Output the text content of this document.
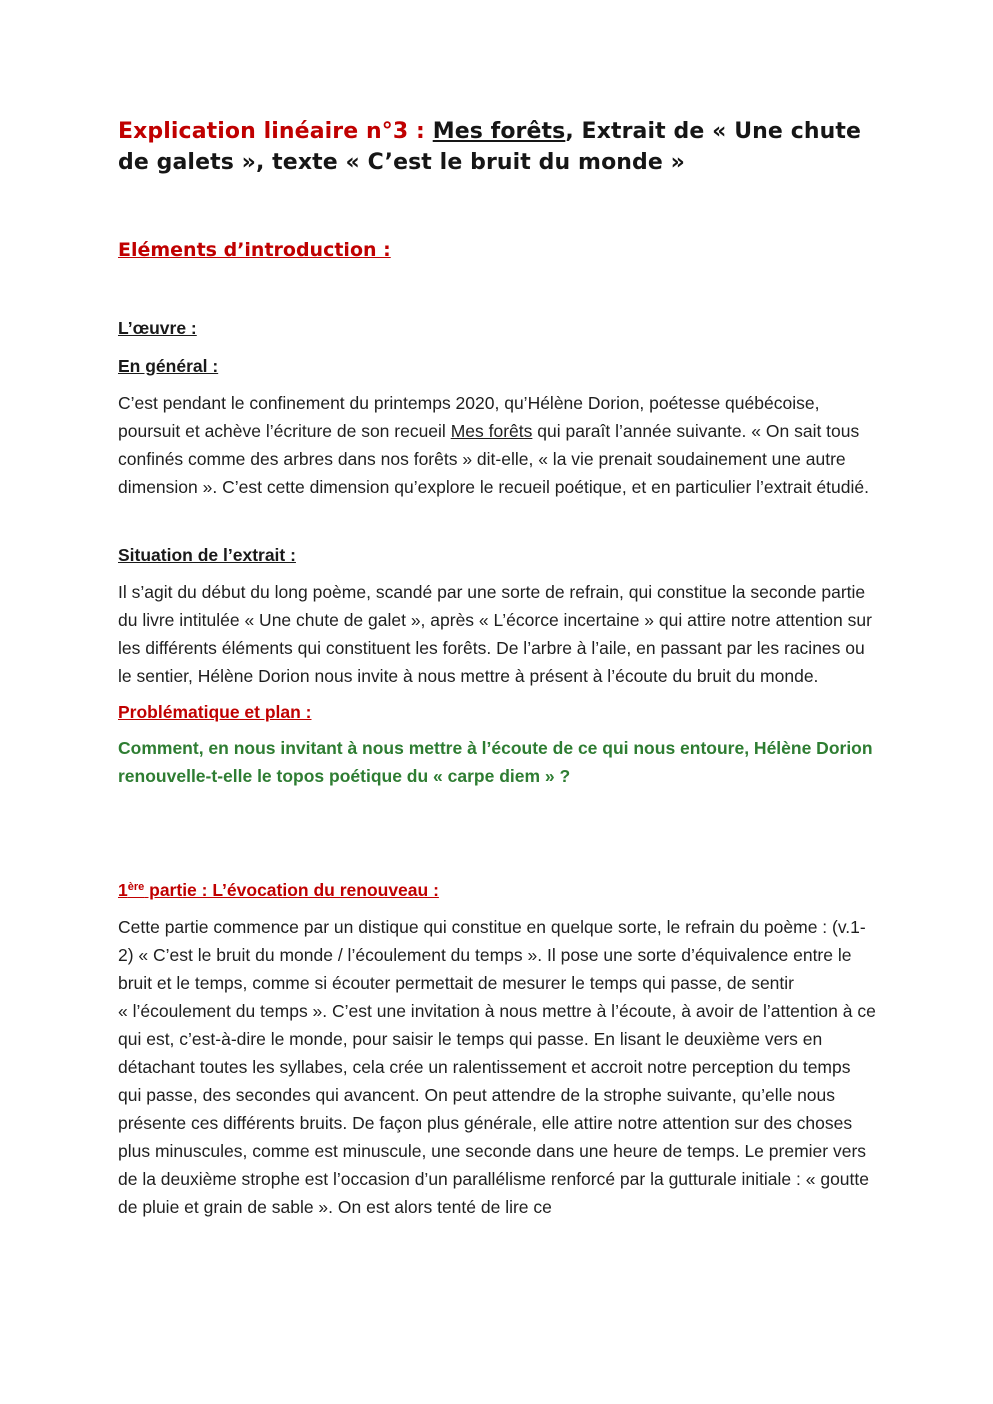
Explication linéaire n°3 : Mes forêts, Extrait de « Une chute de galets », texte « C’est le bruit du monde »
Eléments d’introduction :
L’œuvre :
En général :

C’est pendant le confinement du printemps 2020, qu’Hélène Dorion, poétesse québécoise, poursuit et achève l’écriture de son recueil Mes forêts qui paraît l’année suivante. « On sait tous confinés comme des arbres dans nos forêts » dit-elle, « la vie prenait soudainement une autre dimension ». C’est cette dimension qu’explore le recueil poétique, et en particulier l’extrait étudié.

Situation de l’extrait :

Il s’agit du début du long poème, scandé par une sorte de refrain, qui constitue la seconde partie du livre intitulée « Une chute de galet », après « L’écorce incertaine » qui attire notre attention sur les différents éléments qui constituent les forêts. De l’arbre à l’aile, en passant par les racines ou le sentier, Hélène Dorion nous invite à nous mettre à présent à l’écoute du bruit du monde.

Problématique et plan :

Comment, en nous invitant à nous mettre à l’écoute de ce qui nous entoure, Hélène Dorion renouvelle-t-elle le topos poétique du « carpe diem » ?

1ère partie : L’évocation du renouveau :

Cette partie commence par un distique qui constitue en quelque sorte, le refrain du poème : (v.1-2) « C’est le bruit du monde / l’écoulement du temps ». Il pose une sorte d’équivalence entre le bruit et le temps, comme si écouter permettait de mesurer le temps qui passe, de sentir « l’écoulement du temps ». C’est une invitation à nous mettre à l’écoute, à avoir de l’attention à ce qui est, c’est-à-dire le monde, pour saisir le temps qui passe. En lisant le deuxième vers en détachant toutes les syllabes, cela crée un ralentissement et accroit notre perception du temps qui passe, des secondes qui avancent. On peut attendre de la strophe suivante, qu’elle nous présente ces différents bruits. De façon plus générale, elle attire notre attention sur des choses plus minuscules, comme est minuscule, une seconde dans une heure de temps. Le premier vers de la deuxième strophe est l’occasion d’un parallélisme renforcé par la gutturale initiale : « goutte de pluie et grain de sable ». On est alors tenté de lire ce
